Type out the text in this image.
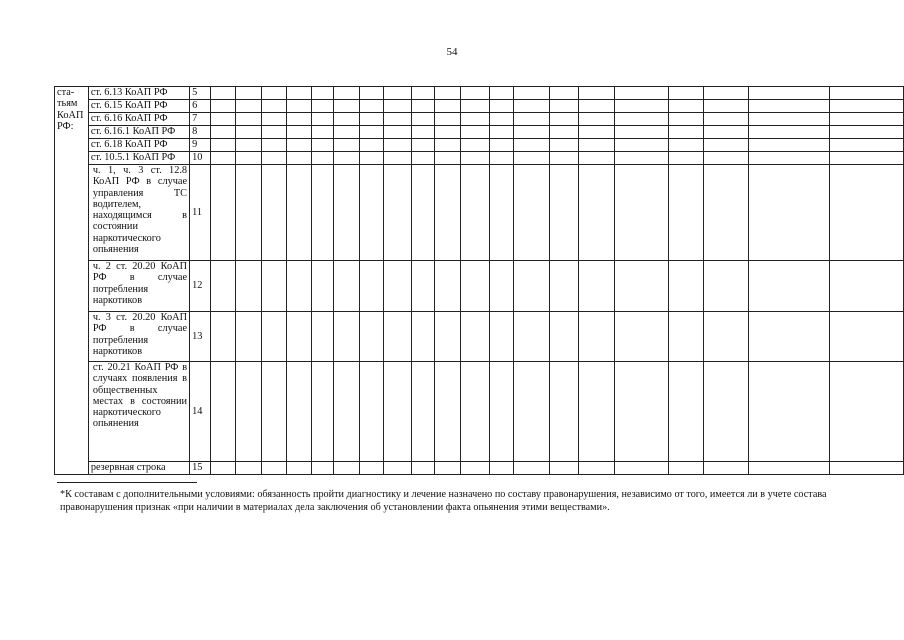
54
ста-тьям КоАП РФ:	ст. 6.13 КоАП РФ	5																				
	ст. 6.15 КоАП РФ	6																				
	ст. 6.16 КоАП РФ	7																				
	ст. 6.16.1 КоАП РФ	8																				
	ст. 6.18 КоАП РФ	9																				
	ст. 10.5.1 КоАП РФ	10																				
	ч. 1, ч. 3 ст. 12.8 КоАП РФ в случае управления ТС водителем, находящимся в состоянии наркотического опьянения	11																				
	ч. 2 ст. 20.20 КоАП РФ в случае потребления наркотиков	12																				
	ч. 3 ст. 20.20 КоАП РФ в случае потребления наркотиков	13																				
	ст. 20.21 КоАП РФ в случаях появления в общественных местах в состоянии наркотического опьянения	14																				
	резервная строка	15																				
*К составам с дополнительными условиями: обязанность пройти диагностику и лечение назначено по составу правонарушения, независимо от того, имеется ли в учете состава правонарушения признак «при наличии в материалах дела заключения об установлении факта опьянения этими веществами».
